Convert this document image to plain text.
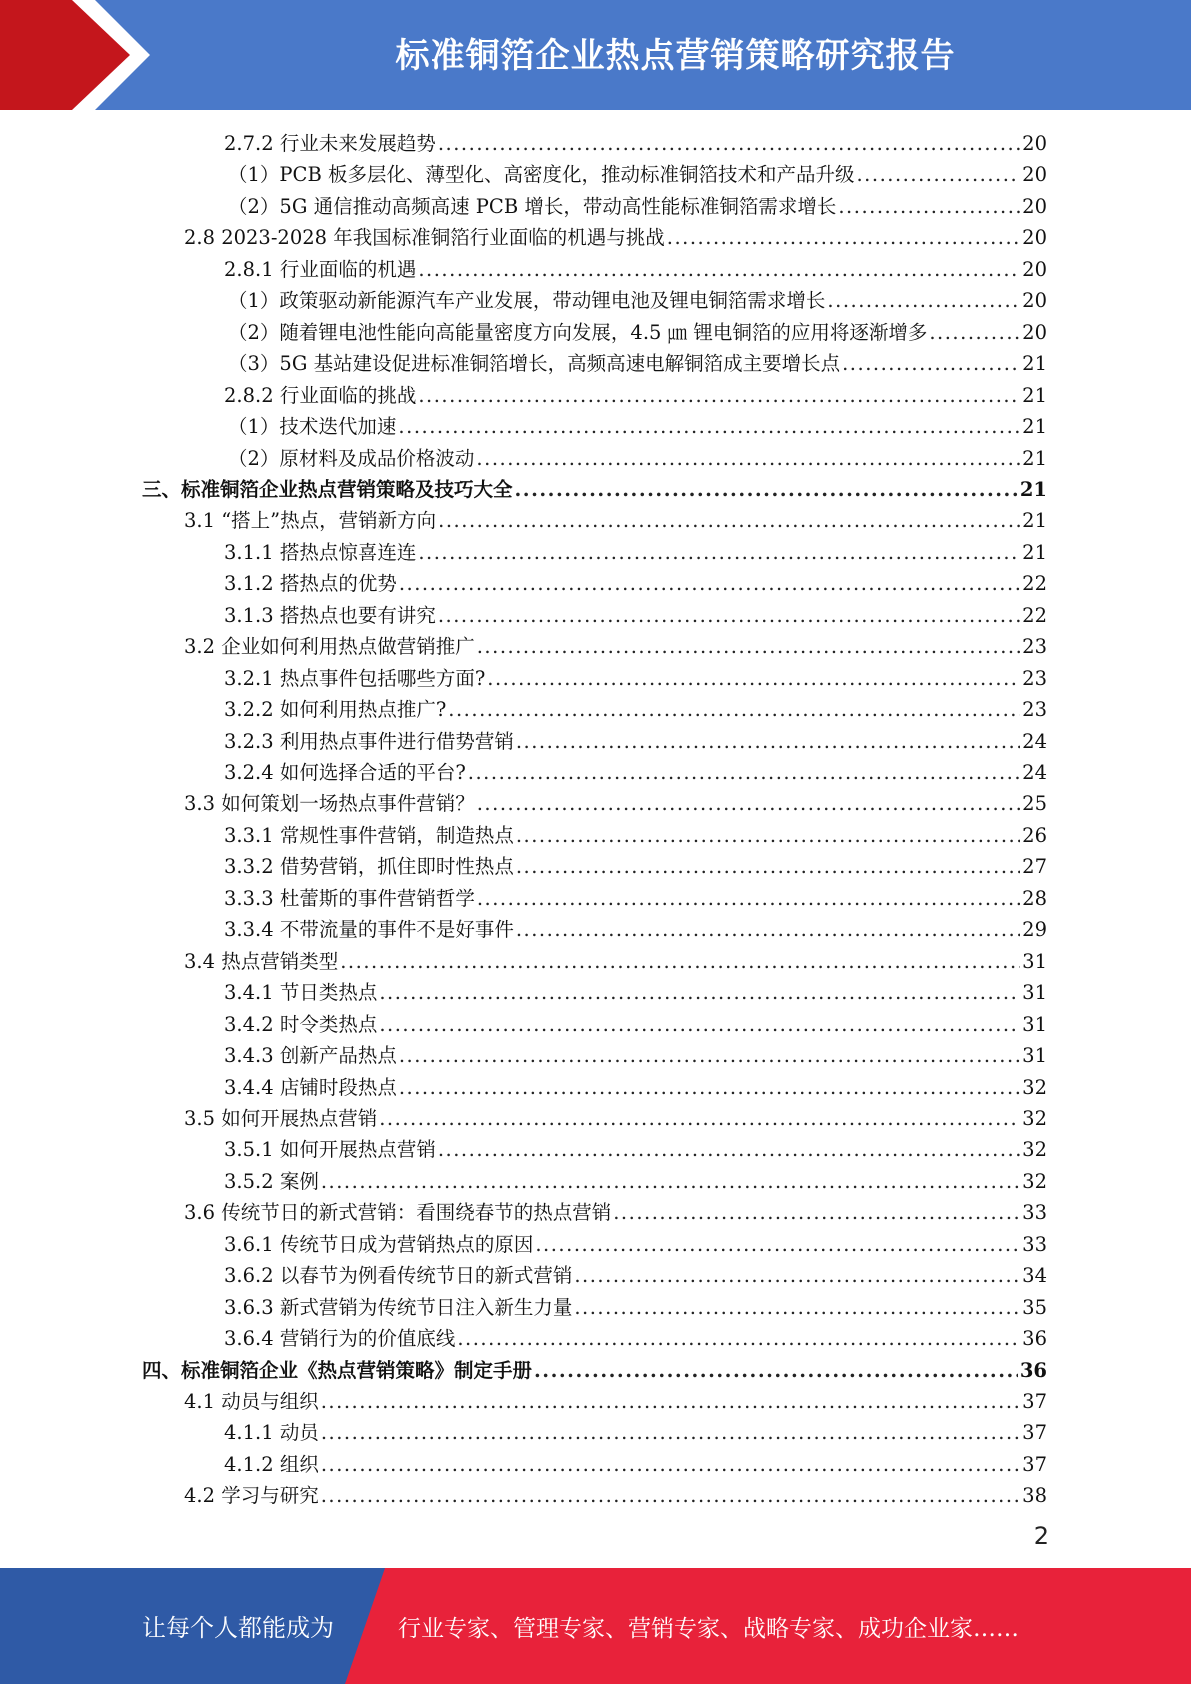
标准铜箔企业热点营销策略研究报告
2.7.2 行业未来发展趋势 .....	20
（1）PCB 板多层化、薄型化、高密度化，推动标准铜箔技术和产品升级 .....	20
（2）5G 通信推动高频高速 PCB 增长，带动高性能标准铜箔需求增长 .....	20
2.8 2023-2028 年我国标准铜箔行业面临的机遇与挑战 .....	20
2.8.1 行业面临的机遇 .....	20
（1）政策驱动新能源汽车产业发展，带动锂电池及锂电铜箔需求增长 .....	20
（2）随着锂电池性能向高能量密度方向发展，4.5 ㎛ 锂电铜箔的应用将逐渐增多 .....	20
（3）5G 基站建设促进标准铜箔增长，高频高速电解铜箔成主要增长点 .....	21
2.8.2 行业面临的挑战 .....	21
（1）技术迭代加速 .....	21
（2）原材料及成品价格波动 .....	21
三、标准铜箔企业热点营销策略及技巧大全 .....	21
3.1 “搭上”热点，营销新方向 .....	21
3.1.1 搭热点惊喜连连 .....	21
3.1.2 搭热点的优势 .....	22
3.1.3 搭热点也要有讲究 .....	22
3.2 企业如何利用热点做营销推广 .....	23
3.2.1 热点事件包括哪些方面? .....	23
3.2.2 如何利用热点推广? .....	23
3.2.3 利用热点事件进行借势营销 .....	24
3.2.4 如何选择合适的平台? .....	24
3.3 如何策划一场热点事件营销？ .....	25
3.3.1 常规性事件营销，制造热点 .....	26
3.3.2 借势营销，抓住即时性热点 .....	27
3.3.3 杜蕾斯的事件营销哲学 .....	28
3.3.4 不带流量的事件不是好事件 .....	29
3.4 热点营销类型 .....	31
3.4.1 节日类热点 .....	31
3.4.2 时令类热点 .....	31
3.4.3 创新产品热点 .....	31
3.4.4 店铺时段热点 .....	32
3.5 如何开展热点营销 .....	32
3.5.1 如何开展热点营销 .....	32
3.5.2 案例 .....	32
3.6 传统节日的新式营销：看围绕春节的热点营销 .....	33
3.6.1 传统节日成为营销热点的原因 .....	33
3.6.2 以春节为例看传统节日的新式营销 .....	34
3.6.3 新式营销为传统节日注入新生力量 .....	35
3.6.4 营销行为的价值底线 .....	36
四、标准铜箔企业《热点营销策略》制定手册 .....	36
4.1 动员与组织 .....	37
4.1.1 动员 .....	37
4.1.2 组织 .....	37
4.2 学习与研究 .....	38
2
让每个人都能成为	行业专家、管理专家、营销专家、战略专家、成功企业家……
